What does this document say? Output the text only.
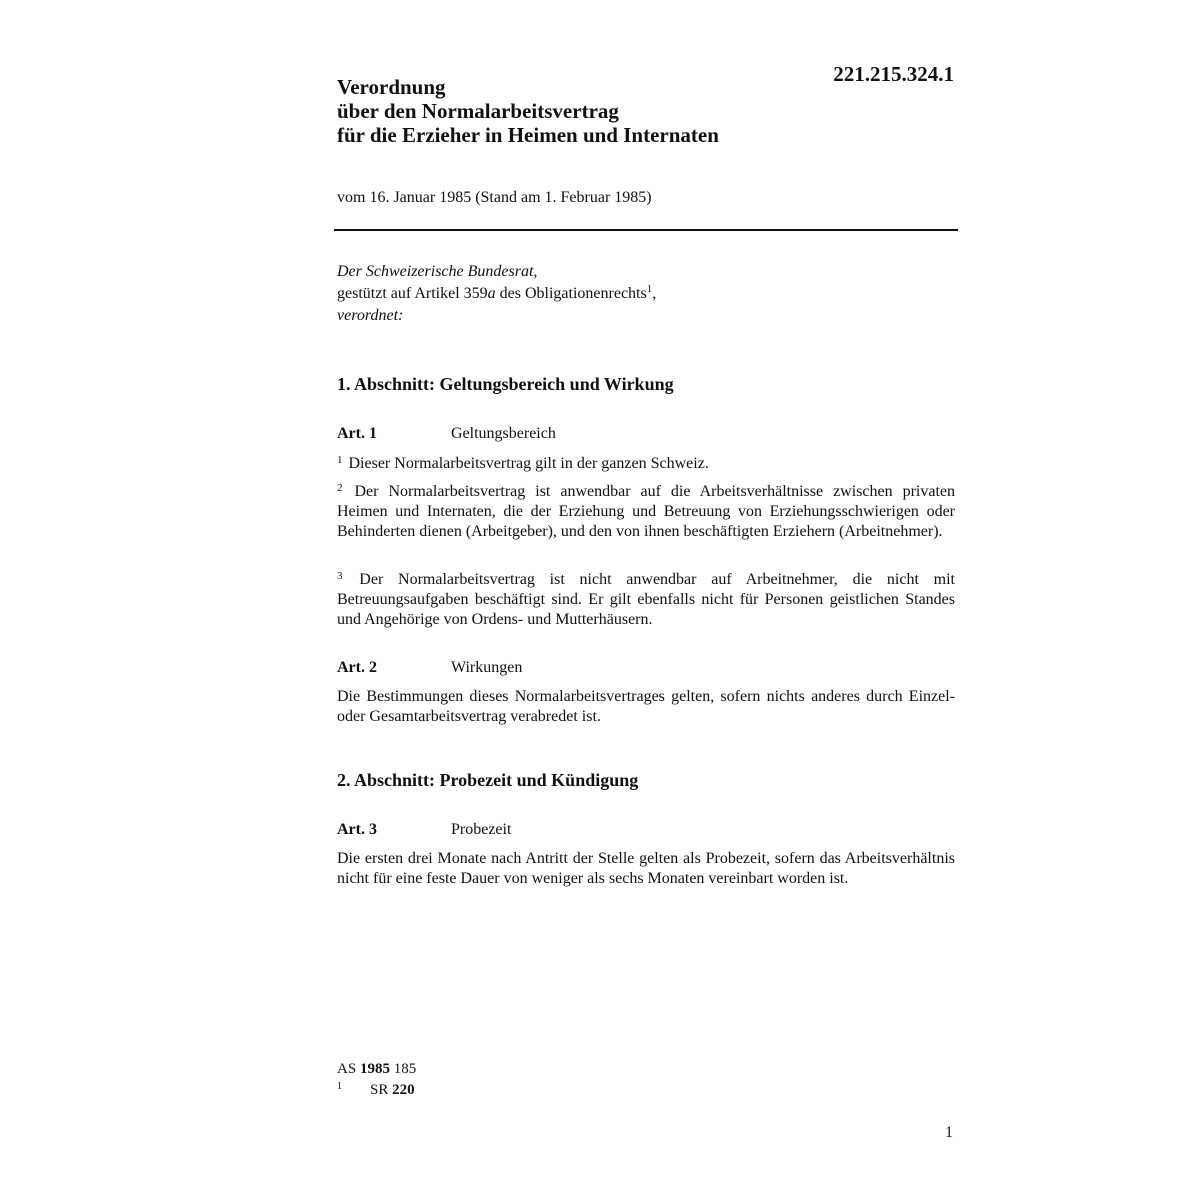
221.215.324.1
Verordnung
über den Normalarbeitsvertrag
für die Erzieher in Heimen und Internaten
vom 16. Januar 1985 (Stand am 1. Februar 1985)
Der Schweizerische Bundesrat,
gestützt auf Artikel 359a des Obligationenrechts$^1$,
verordnet:
1. Abschnitt: Geltungsbereich und Wirkung
Art. 1	Geltungsbereich
$^1$ Dieser Normalarbeitsvertrag gilt in der ganzen Schweiz.
$^2$ Der Normalarbeitsvertrag ist anwendbar auf die Arbeitsverhältnisse zwischen privaten Heimen und Internaten, die der Erziehung und Betreuung von Erziehungsschwierigen oder Behinderten dienen (Arbeitgeber), und den von ihnen beschäftigten Erziehern (Arbeitnehmer).
$^3$ Der Normalarbeitsvertrag ist nicht anwendbar auf Arbeitnehmer, die nicht mit Betreuungsaufgaben beschäftigt sind. Er gilt ebenfalls nicht für Personen geistlichen Standes und Angehörige von Ordens- und Mutterhäusern.
Art. 2	Wirkungen
Die Bestimmungen dieses Normalarbeitsvertrages gelten, sofern nichts anderes durch Einzel- oder Gesamtarbeitsvertrag verabredet ist.
2. Abschnitt: Probezeit und Kündigung
Art. 3	Probezeit
Die ersten drei Monate nach Antritt der Stelle gelten als Probezeit, sofern das Arbeitsverhältnis nicht für eine feste Dauer von weniger als sechs Monaten vereinbart worden ist.
AS 1985 185
1 SR 220
1
